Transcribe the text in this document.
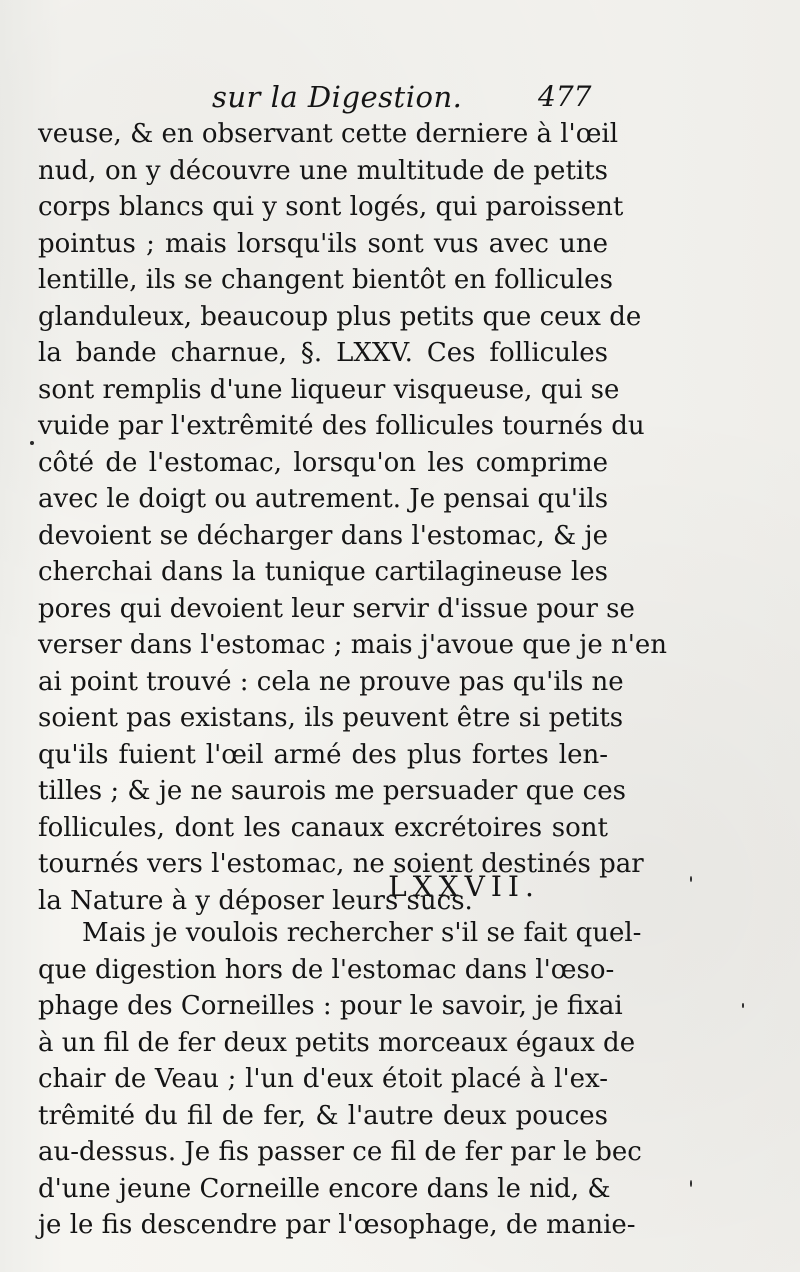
sur la Digestion.	477
veuse, & en observant cette derniere à l'œil
nud, on y découvre une multitude de petits
corps blancs qui y sont logés, qui paroissent
pointus ; mais lorsqu'ils sont vus avec une
lentille, ils se changent bientôt en follicules
glanduleux, beaucoup plus petits que ceux de
la bande charnue, §. LXXV. Ces follicules
sont remplis d'une liqueur visqueuse, qui se
vuide par l'extrêmité des follicules tournés du
côté de l'estomac, lorsqu'on les comprime
avec le doigt ou autrement. Je pensai qu'ils
devoient se décharger dans l'estomac, & je
cherchai dans la tunique cartilagineuse les
pores qui devoient leur servir d'issue pour se
verser dans l'estomac ; mais j'avoue que je n'en
ai point trouvé : cela ne prouve pas qu'ils ne
soient pas existans, ils peuvent être si petits
qu'ils fuient l'œil armé des plus fortes len-
tilles ; & je ne saurois me persuader que ces
follicules, dont les canaux excrétoires sont
tournés vers l'estomac, ne soient destinés par
la Nature à y déposer leurs sucs.
LXXVII.
Mais je voulois rechercher s'il se fait quel-
que digestion hors de l'estomac dans l'œso-
phage des Corneilles : pour le savoir, je fixai
à un fil de fer deux petits morceaux égaux de
chair de Veau ; l'un d'eux étoit placé à l'ex-
trêmité du fil de fer, & l'autre deux pouces
au-dessus. Je fis passer ce fil de fer par le bec
d'une jeune Corneille encore dans le nid, &
je le fis descendre par l'œsophage, de manie-
